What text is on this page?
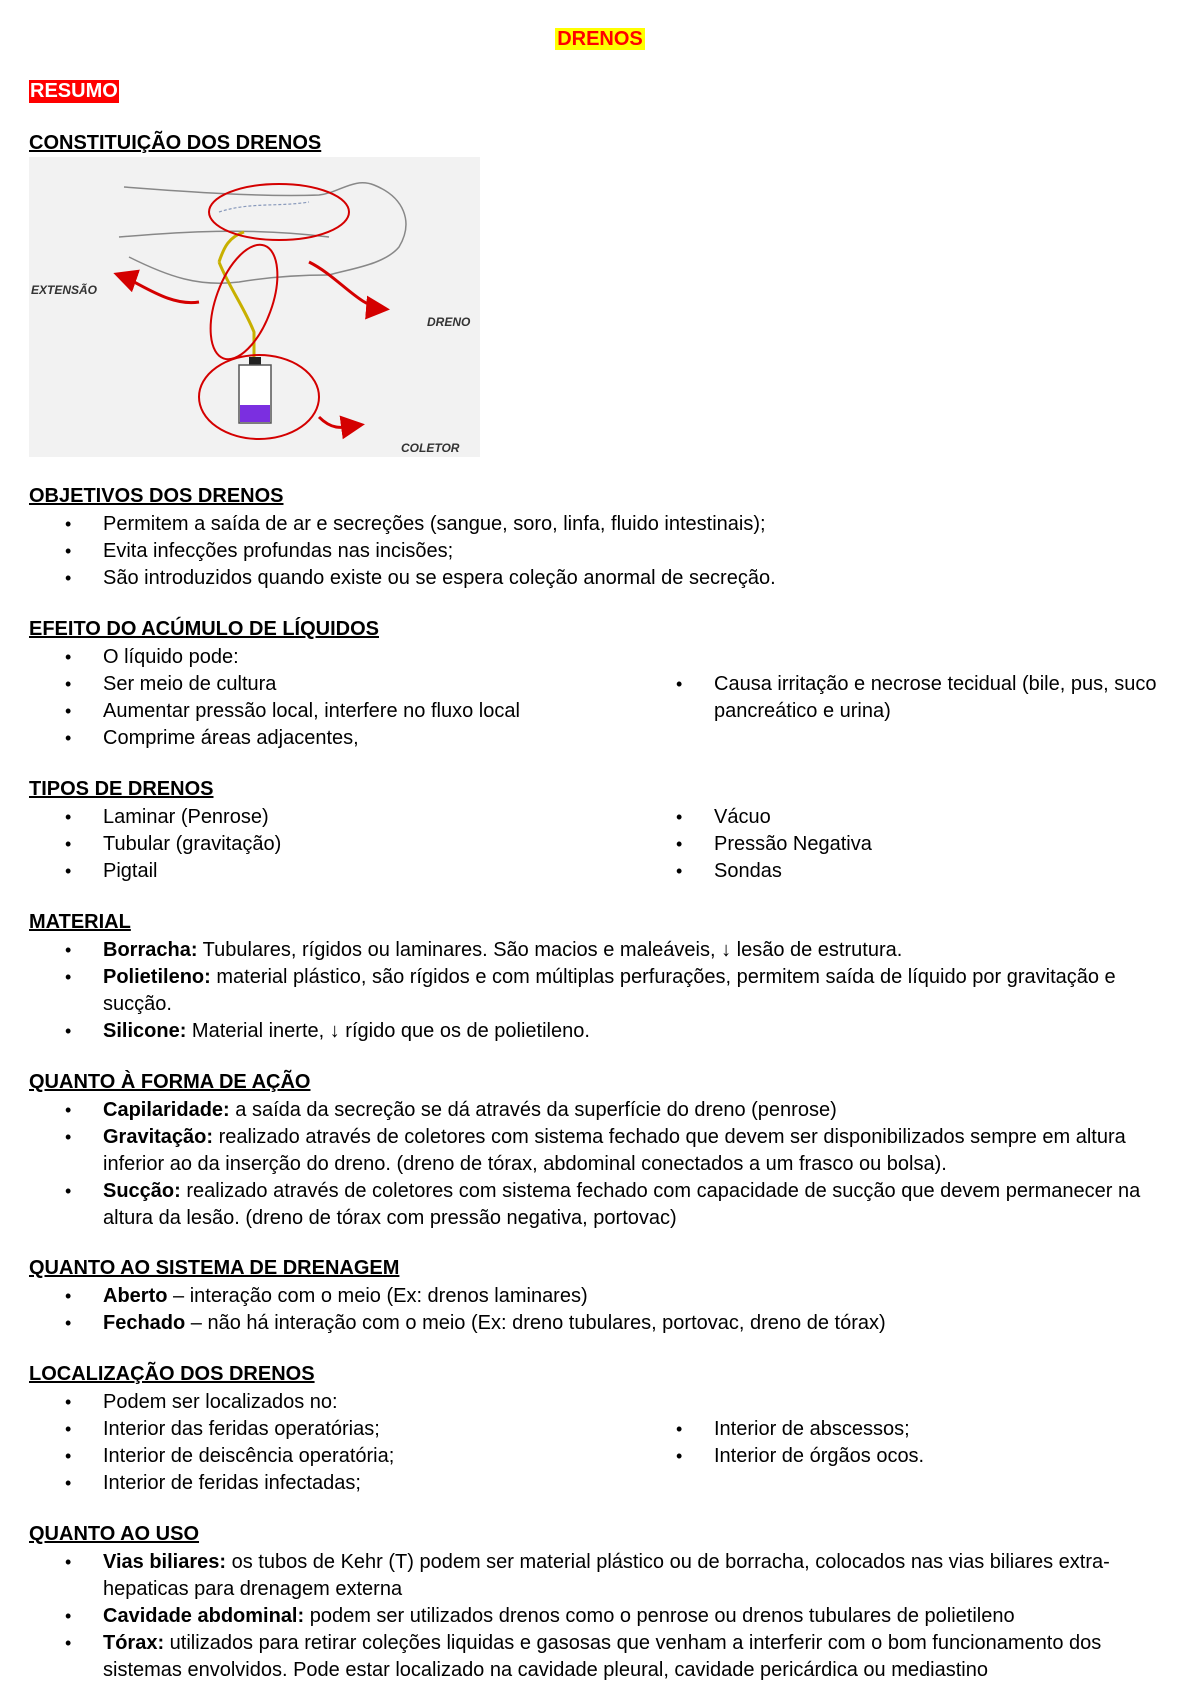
DRENOS
RESUMO
CONSTITUIÇÃO DOS DRENOS
EXTENSÃO
DRENO
COLETOR
OBJETIVOS DOS DRENOS
• Permitem a saída de ar e secreções (sangue, soro, linfa, fluido intestinais);
• Evita infecções profundas nas incisões;
• São introduzidos quando existe ou se espera coleção anormal de secreção.
EFEITO DO ACÚMULO DE LÍQUIDOS
• O líquido pode:
• Ser meio de cultura
• Aumentar pressão local, interfere no fluxo local
• Comprime áreas adjacentes,
• Causa irritação e necrose tecidual (bile, pus, suco pancreático e urina)
TIPOS DE DRENOS
• Laminar (Penrose)
• Tubular (gravitação)
• Pigtail
• Vácuo
• Pressão Negativa
• Sondas
MATERIAL
• Borracha: Tubulares, rígidos ou laminares. São macios e maleáveis, ↓ lesão de estrutura.
• Polietileno: material plástico, são rígidos e com múltiplas perfurações, permitem saída de líquido por gravitação e sucção.
• Silicone: Material inerte, ↓ rígido que os de polietileno.
QUANTO À FORMA DE AÇÃO
• Capilaridade: a saída da secreção se dá através da superfície do dreno (penrose)
• Gravitação: realizado através de coletores com sistema fechado que devem ser disponibilizados sempre em altura inferior ao da inserção do dreno. (dreno de tórax, abdominal conectados a um frasco ou bolsa).
• Sucção: realizado através de coletores com sistema fechado com capacidade de sucção que devem permanecer na altura da lesão. (dreno de tórax com pressão negativa, portovac)
QUANTO AO SISTEMA DE DRENAGEM
• Aberto – interação com o meio (Ex: drenos laminares)
• Fechado – não há interação com o meio (Ex: dreno tubulares, portovac, dreno de tórax)
LOCALIZAÇÃO DOS DRENOS
• Podem ser localizados no:
• Interior das feridas operatórias;
• Interior de deiscência operatória;
• Interior de feridas infectadas;
• Interior de abscessos;
• Interior de órgãos ocos.
QUANTO AO USO
• Vias biliares: os tubos de Kehr (T) podem ser material plástico ou de borracha, colocados nas vias biliares extra-hepaticas para drenagem externa
• Cavidade abdominal: podem ser utilizados drenos como o penrose ou drenos tubulares de polietileno
• Tórax: utilizados para retirar coleções liquidas e gasosas que venham a interferir com o bom funcionamento dos sistemas envolvidos. Pode estar localizado na cavidade pleural, cavidade pericárdica ou mediastino
